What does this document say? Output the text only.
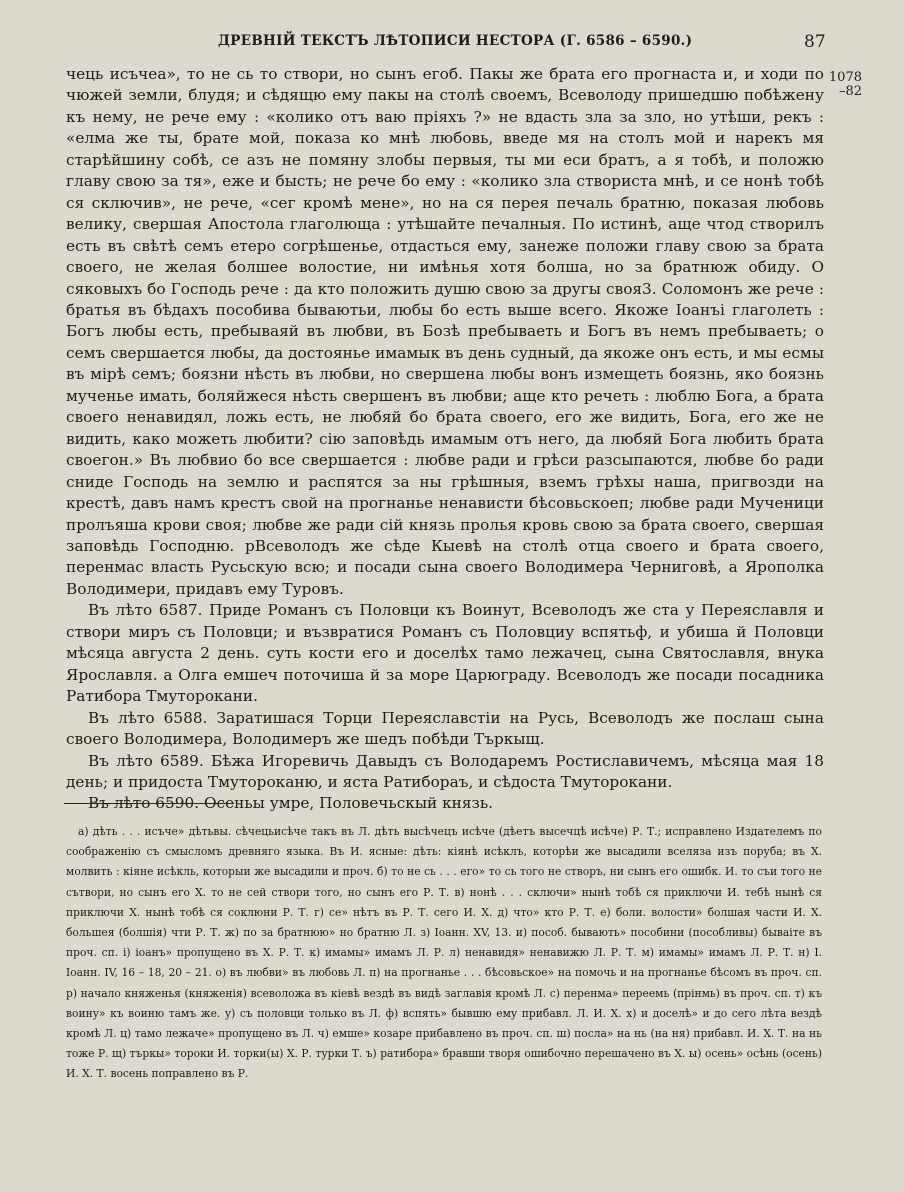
ДРЕВНІЙ ТЕКСТЪ ЛѢТОПИСИ НЕСТОРА (Г. 6586 – 6590.)	87
1078
–82

чець исъчеа», то не сь то створи, но сынъ егоб. Пакы же брата его прогнаста и, и ходи по чюжей земли, блудя; и сѣдящю ему пакы на столѣ своемъ, Всеволоду пришедшю побѣжену къ нему, не рече ему : «колико отъ ваю пріяхъ ?» не вдасть зла за зло, но утѣши, рекъ : «елма же ты, брате мой, показа ко мнѣ любовь, введе мя на столъ мой и нарекъ мя старѣйшину собѣ, се азъ не помяну злобы первыя, ты ми еси братъ, а я тобѣ, и положю главу свою за тя», еже и бысть; не рече бо ему : «колико зла створиста мнѣ, и се нонѣ тобѣ ся сключив», не рече, «сег кромѣ мене», но на ся перея печаль братню, показая любовь велику, свершая Апостола глаголюща : утѣшайте печалныя. По истинѣ, аще чтод створилъ есть въ свѣтѣ семъ етеро согрѣшенье, отдасться ему, занеже положи главу свою за брата своего, не желая болшее волостие, ни имѣнья хотя болша, но за братнюж обиду. О сяковыхъ бо Господь рече : да кто положить душю свою за другы своя3. Соломонъ же рече : братья въ бѣдахъ пособива бываютьи, любы бо есть выше всего. Якоже Іоанъі глаголеть : Богъ любы есть, пребываяй въ любви, въ Бозѣ пребываеть и Богъ въ немъ пребываеть; о семъ свершается любы, да достояньe имамык въ день судный, да якоже онъ есть, и мы есмы въ мірѣ семъ; боязни нѣсть въ любви, но свершена любы вонъ измещеть боязнь, яко боязнь мученье имать, боляйжеся нѣсть свершенъ въ любви; аще кто речеть : люблю Бога, а брата своего ненавидял, ложь есть, не любяй бо брата своего, его же видить, Бога, его же не видить, како можеть любити? сію заповѣдь имамым отъ него, да любяй Бога любить брата своегон.» Въ любвио бо все свершается : любве ради и грѣси разсыпаются, любве бо ради сниде Господь на землю и распятся за ны грѣшныя, вземъ грѣхы наша, пригвозди на крестѣ, давъ намъ крестъ свой на прогнанье ненависти бѣсовьскоеп; любве ради Мученици пролъяша крови своя; любве же ради сій князь пролья кровь свою за брата своего, свершая заповѣдь Господню. рВсеволодъ же сѣде Кыевѣ на столѣ отца своего и брата своего, перенмас власть Русьскую всю; и посади сына своего Володимера Черниговѣ, а Ярополка Володимери, придавъ ему Туровъ.

Въ лѣто 6587. Приде Романъ съ Половци къ Воинут, Всеволодъ же ста у Переяславля и створи миръ съ Половци; и възвратися Романъ съ Половциу вспятьф, и убиша й Половци мѣсяца августа 2 день. суть кости его и доселѣх тамо лежачец, сына Святославля, внука Ярославля. а Олга емшеч поточиша й за море Царюграду. Всеволодъ же посади посадника Ратибора Тмуторокани.

Въ лѣто 6588. Заратишася Торци Переяславстіи на Русь, Всеволодъ же послаш сына своего Володимера, Володимеръ же шедъ побѣди Търкыщ.

Въ лѣто 6589. Бѣжа Игоревичь Давыдъ съ Володаремъ Ростиславичемъ, мѣсяца мая 18 день; и придоста Тмутороканю, и яста Ратиборaъ, и сѣдоста Тмуторокани.

Въ лѣто 6590. Осеньы умре, Половечьскый князь.

а) дѣть . . . исъче» дѣтьвы. сѣчецьисѣче такъ въ Л. дѣть высѣчецъ исѣче (дѣетъ высечцѣ исѣче) Р. Т.; исправлено Издателемъ по соображенію съ смысломъ древняго языка. Въ И. ясные: дѣть: кіянѣ исѣклъ, которѣи же высадили вселяза изъ поруба; въ Х. молвить : кіяне исѣкль, которыи же высадили и проч. б) то не сь . . . его» то сь того не створъ, ни сынъ его ошибк. И. то съи того не сътвори, но сынъ его Х. то не сей створи того, но сынъ его Р. Т. в) нонѣ . . . сключи» нынѣ тобѣ ся приключи И. тебѣ нынѣ ся приключи Х. нынѣ тобѣ ся соклюни Р. Т. г) се» нѣтъ въ Р. Т. сего И. Х. д) что» кто Р. Т. е) боли. волости» болшая части И. Х. большея (болшія) чти Р. Т. ж) по за братнюю» но братню Л. з) Іоанн. XV, 13. и) пособ. бывають» пособини (пособливы) бываіте въ проч. сп. і) іоанъ» пропущено въ Х. Р. Т. к) имамы» имамъ Л. Р. л) ненавидя» ненавижю Л. Р. Т. м) имамы» имамъ Л. Р. Т. н) І. Іоанн. IV, 16 – 18, 20 – 21. о) въ любви» въ любовь Л. п) на прогнанье . . . бѣсовьское» на помочь и на прогнанье бѣсомъ въ проч. сп. р) начало княженья (княженія) всеволожа въ кіевѣ вездѣ въ видѣ заглавія кромѣ Л. с) перенма» переемь (прінмь) въ проч. сп. т) къ воину» къ воиню тамъ же. у) съ половци только въ Л. ф) вспять» бывшю ему прибавл. Л. И. Х. х) и доселѣ» и до сего лѣта вездѣ кромѣ Л. ц) тамо лежаче» пропущено въ Л. ч) емше» козаре прибавлено въ проч. сп. ш) посла» на нь (на ня) прибавл. И. Х. Т. на нь тоже Р. щ) търкы» тороки И. торки(ы) Х. Р. турки Т. ъ) ратибора» бравши творя ошибочно перешачено въ Х. ы) осень» осѣнь (осень) И. Х. Т. восень поправлено въ Р.
